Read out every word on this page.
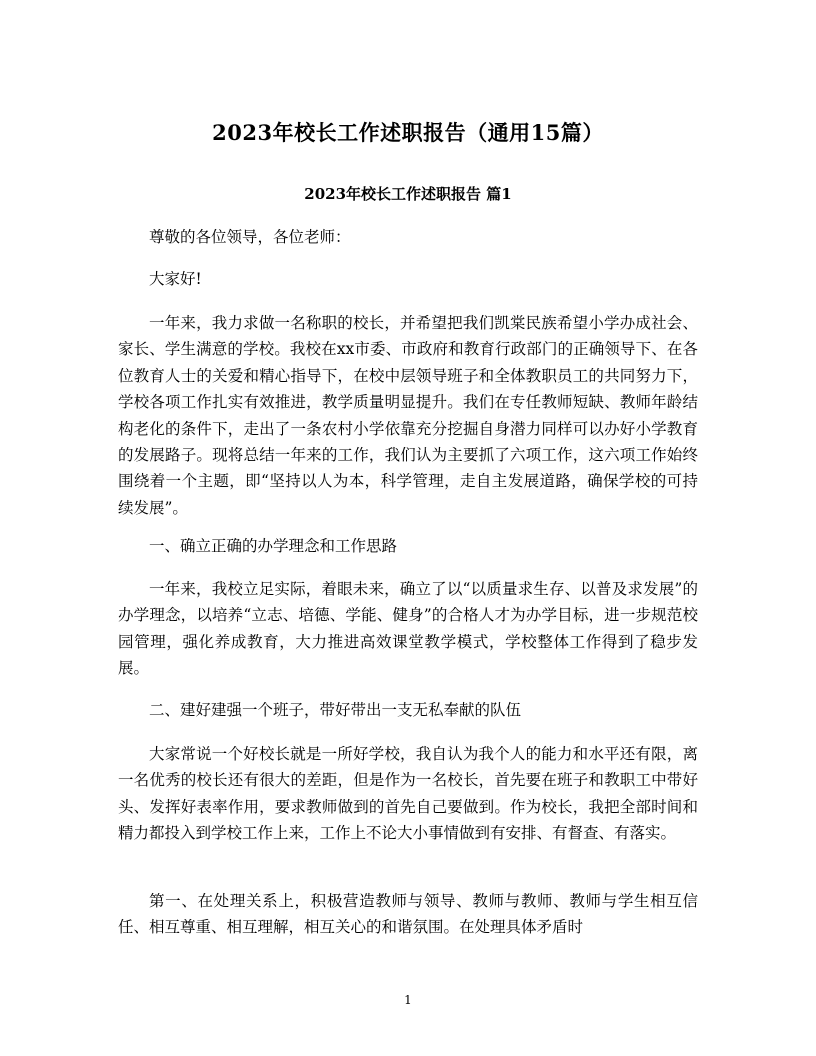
2023年校长工作述职报告（通用15篇）
2023年校长工作述职报告 篇1

尊敬的各位领导，各位老师：

大家好!

一年来，我力求做一名称职的校长，并希望把我们凯棠民族希望小学办成社会、家长、学生满意的学校。我校在xx市委、市政府和教育行政部门的正确领导下、在各位教育人士的关爱和精心指导下，在校中层领导班子和全体教职员工的共同努力下，学校各项工作扎实有效推进，教学质量明显提升。我们在专任教师短缺、教师年龄结构老化的条件下，走出了一条农村小学依靠充分挖掘自身潜力同样可以办好小学教育的发展路子。现将总结一年来的工作，我们认为主要抓了六项工作，这六项工作始终围绕着一个主题，即“坚持以人为本，科学管理，走自主发展道路，确保学校的可持续发展”。

一、确立正确的办学理念和工作思路

一年来，我校立足实际，着眼未来，确立了以“以质量求生存、以普及求发展”的办学理念，以培养“立志、培德、学能、健身”的合格人才为办学目标，进一步规范校园管理，强化养成教育，大力推进高效课堂教学模式，学校整体工作得到了稳步发展。

二、建好建强一个班子，带好带出一支无私奉献的队伍

大家常说一个好校长就是一所好学校，我自认为我个人的能力和水平还有限，离一名优秀的校长还有很大的差距，但是作为一名校长，首先要在班子和教职工中带好头、发挥好表率作用，要求教师做到的首先自己要做到。作为校长，我把全部时间和精力都投入到学校工作上来，工作上不论大小事情做到有安排、有督查、有落实。

第一、在处理关系上，积极营造教师与领导、教师与教师、教师与学生相互信任、相互尊重、相互理解，相互关心的和谐氛围。在处理具体矛盾时

1
